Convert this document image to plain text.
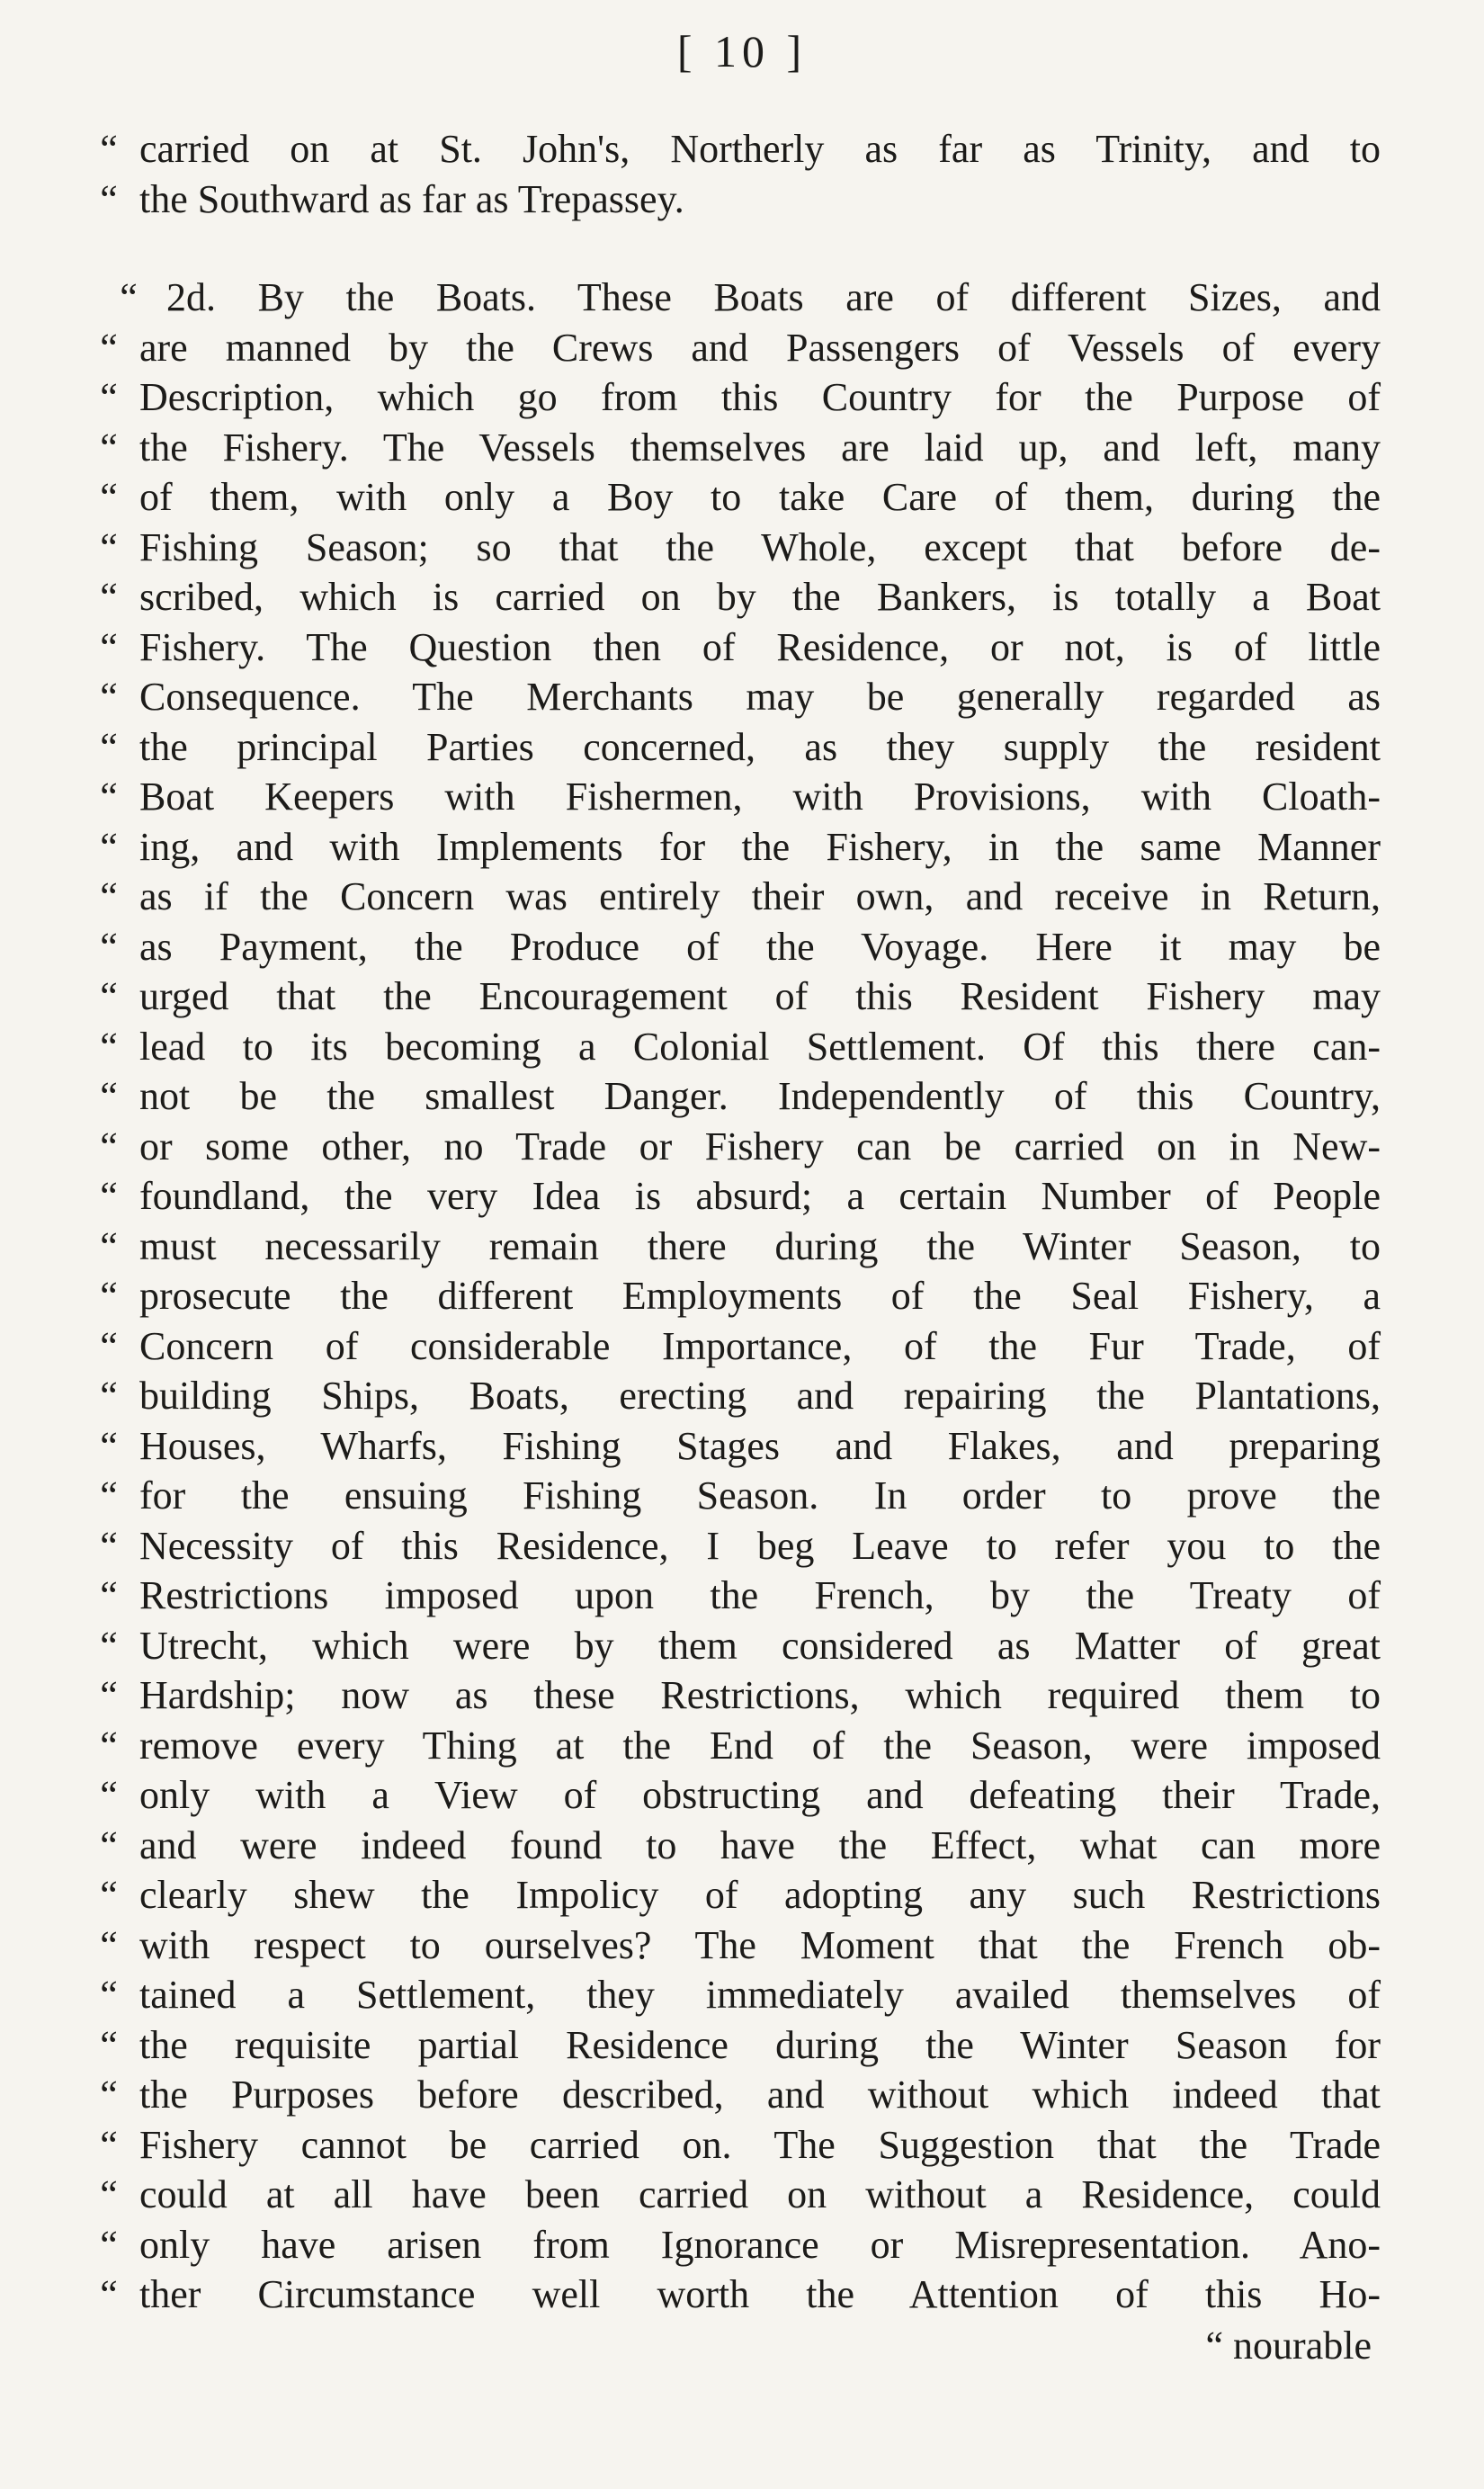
[ 10 ]
“ carried on at St. John's, Northerly as far as Trinity, and to
“ the Southward as far as Trepassey.
“ 2d. By the Boats. These Boats are of different Sizes, and
“ are manned by the Crews and Passengers of Vessels of every
“ Description, which go from this Country for the Purpose of
“ the Fishery. The Vessels themselves are laid up, and left, many
“ of them, with only a Boy to take Care of them, during the
“ Fishing Season; so that the Whole, except that before de-
“ scribed, which is carried on by the Bankers, is totally a Boat
“ Fishery. The Question then of Residence, or not, is of little
“ Consequence. The Merchants may be generally regarded as
“ the principal Parties concerned, as they supply the resident
“ Boat Keepers with Fishermen, with Provisions, with Cloath-
“ ing, and with Implements for the Fishery, in the same Manner
“ as if the Concern was entirely their own, and receive in Return,
“ as Payment, the Produce of the Voyage. Here it may be
“ urged that the Encouragement of this Resident Fishery may
“ lead to its becoming a Colonial Settlement. Of this there can-
“ not be the smallest Danger. Independently of this Country,
“ or some other, no Trade or Fishery can be carried on in New-
“ foundland, the very Idea is absurd; a certain Number of People
“ must necessarily remain there during the Winter Season, to
“ prosecute the different Employments of the Seal Fishery, a
“ Concern of considerable Importance, of the Fur Trade, of
“ building Ships, Boats, erecting and repairing the Plantations,
“ Houses, Wharfs, Fishing Stages and Flakes, and preparing
“ for the ensuing Fishing Season. In order to prove the
“ Necessity of this Residence, I beg Leave to refer you to the
“ Restrictions imposed upon the French, by the Treaty of
“ Utrecht, which were by them considered as Matter of great
“ Hardship; now as these Restrictions, which required them to
“ remove every Thing at the End of the Season, were imposed
“ only with a View of obstructing and defeating their Trade,
“ and were indeed found to have the Effect, what can more
“ clearly shew the Impolicy of adopting any such Restrictions
“ with respect to ourselves? The Moment that the French ob-
“ tained a Settlement, they immediately availed themselves of
“ the requisite partial Residence during the Winter Season for
“ the Purposes before described, and without which indeed that
“ Fishery cannot be carried on. The Suggestion that the Trade
“ could at all have been carried on without a Residence, could
“ only have arisen from Ignorance or Misrepresentation. Ano-
“ ther Circumstance well worth the Attention of this Ho-
“ nourable
